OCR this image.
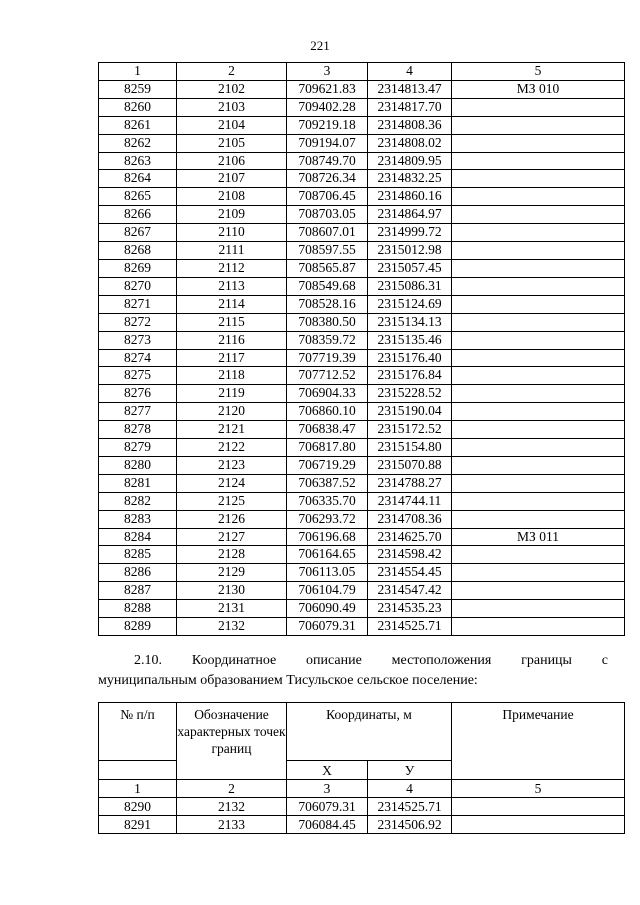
221
1	2	3	4	5
8259	2102	709621.83	2314813.47	МЗ 010
8260	2103	709402.28	2314817.70	
8261	2104	709219.18	2314808.36	
8262	2105	709194.07	2314808.02	
8263	2106	708749.70	2314809.95	
8264	2107	708726.34	2314832.25	
8265	2108	708706.45	2314860.16	
8266	2109	708703.05	2314864.97	
8267	2110	708607.01	2314999.72	
8268	2111	708597.55	2315012.98	
8269	2112	708565.87	2315057.45	
8270	2113	708549.68	2315086.31	
8271	2114	708528.16	2315124.69	
8272	2115	708380.50	2315134.13	
8273	2116	708359.72	2315135.46	
8274	2117	707719.39	2315176.40	
8275	2118	707712.52	2315176.84	
8276	2119	706904.33	2315228.52	
8277	2120	706860.10	2315190.04	
8278	2121	706838.47	2315172.52	
8279	2122	706817.80	2315154.80	
8280	2123	706719.29	2315070.88	
8281	2124	706387.52	2314788.27	
8282	2125	706335.70	2314744.11	
8283	2126	706293.72	2314708.36	
8284	2127	706196.68	2314625.70	МЗ 011
8285	2128	706164.65	2314598.42	
8286	2129	706113.05	2314554.45	
8287	2130	706104.79	2314547.42	
8288	2131	706090.49	2314535.23	
8289	2132	706079.31	2314525.71	
2.10. Координатное описание местоположения границы с
муниципальным образованием Тисульское сельское поселение:
№ п/п	Обозначение характерных точек границ	Координаты, м		Примечание

		Х	У	
1	2	3	4	5
8290	2132	706079.31	2314525.71	
8291	2133	706084.45	2314506.92	
